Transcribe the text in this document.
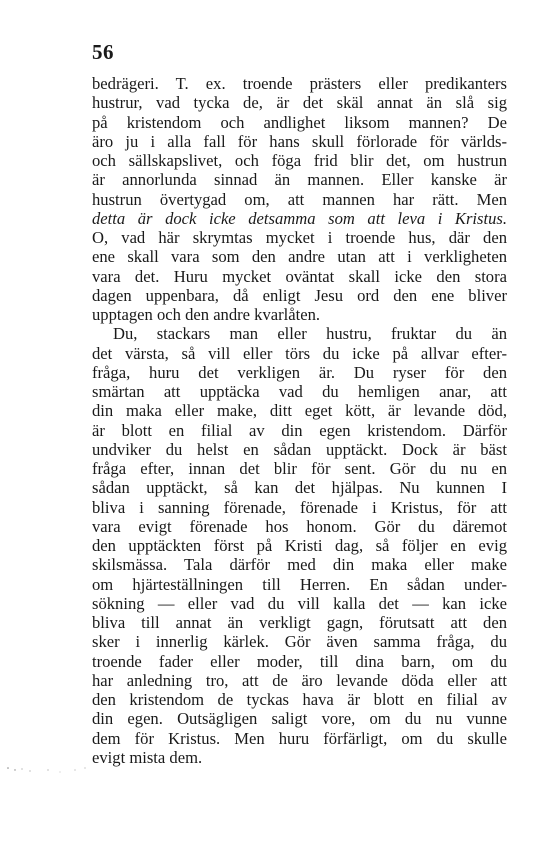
56
bedrägeri. T. ex. troende prästers eller predikanters
hustrur, vad tycka de, är det skäl annat än slå sig
på kristendom och andlighet liksom mannen? De
äro ju i alla fall för hans skull förlorade för världs-
och sällskapslivet, och föga frid blir det, om hustrun
är annorlunda sinnad än mannen. Eller kanske är
hustrun övertygad om, att mannen har rätt. Men
detta är dock icke detsamma som att leva i Kristus.
O, vad här skrymtas mycket i troende hus, där den
ene skall vara som den andre utan att i verkligheten
vara det. Huru mycket oväntat skall icke den stora
dagen uppenbara, då enligt Jesu ord den ene bliver
upptagen och den andre kvarlåten.
Du, stackars man eller hustru, fruktar du än
det värsta, så vill eller törs du icke på allvar efter-
fråga, huru det verkligen är. Du ryser för den
smärtan att upptäcka vad du hemligen anar, att
din maka eller make, ditt eget kött, är levande död,
är blott en filial av din egen kristendom. Därför
undviker du helst en sådan upptäckt. Dock är bäst
fråga efter, innan det blir för sent. Gör du nu en
sådan upptäckt, så kan det hjälpas. Nu kunnen I
bliva i sanning förenade, förenade i Kristus, för att
vara evigt förenade hos honom. Gör du däremot
den upptäckten först på Kristi dag, så följer en evig
skilsmässa. Tala därför med din maka eller make
om hjärteställningen till Herren. En sådan under-
sökning — eller vad du vill kalla det — kan icke
bliva till annat än verkligt gagn, förutsatt att den
sker i innerlig kärlek. Gör även samma fråga, du
troende fader eller moder, till dina barn, om du
har anledning tro, att de äro levande döda eller att
den kristendom de tyckas hava är blott en filial av
din egen. Outsägligen saligt vore, om du nu vunne
dem för Kristus. Men huru förfärligt, om du skulle
evigt mista dem.
